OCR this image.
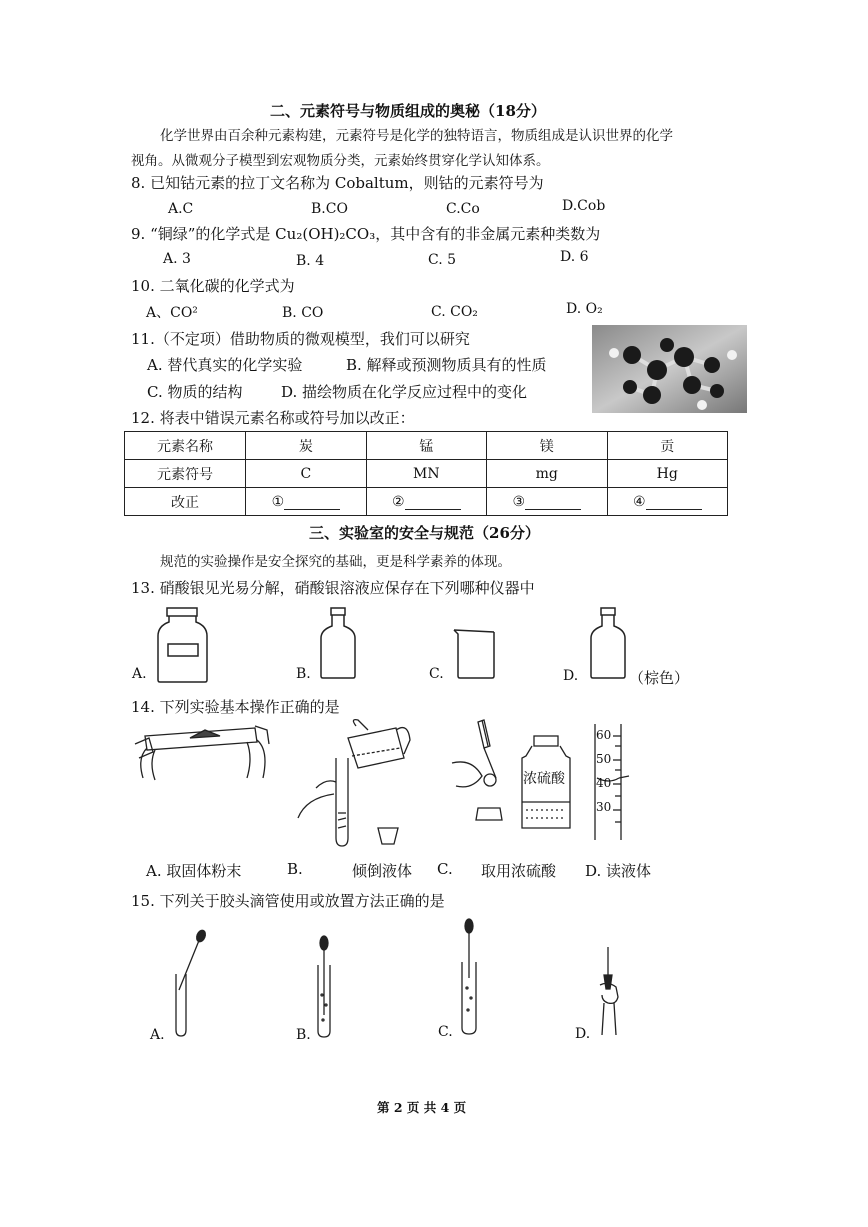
二、元素符号与物质组成的奥秘（18分）
化学世界由百余种元素构建，元素符号是化学的独特语言，物质组成是认识世界的化学
视角。从微观分子模型到宏观物质分类，元素始终贯穿化学认知体系。
8. 已知钴元素的拉丁文名称为 Cobaltum，则钴的元素符号为
A.C	B.CO	C.Co	D.Cob
9. “铜绿”的化学式是 Cu₂(OH)₂CO₃，其中含有的非金属元素种类数为
A. 3	B. 4	C. 5	D. 6
10. 二氧化碳的化学式为
A、CO²	B. CO	C. CO₂	D. O₂
11.（不定项）借助物质的微观模型，我们可以研究
A. 替代真实的化学实验	B. 解释或预测物质具有的性质
C. 物质的结构	D. 描绘物质在化学反应过程中的变化
12. 将表中错误元素名称或符号加以改正：
元素名称	炭	锰	镁	贡
元素符号	C	MN	mg	Hg
改正	①	②	③	④
三、实验室的安全与规范（26分）
规范的实验操作是安全探究的基础，更是科学素养的体现。
13. 硝酸银见光易分解，硝酸银溶液应保存在下列哪种仪器中
A.	B.	C.	D.	（棕色）
14. 下列实验基本操作正确的是
浓硫酸
60
50
40
30
A. 取固体粉末	B.	倾倒液体 C. 取用浓硫酸 D. 读液体
15. 下列关于胶头滴管使用或放置方法正确的是
A.	B.	C.	D.
第 2 页 共 4 页
